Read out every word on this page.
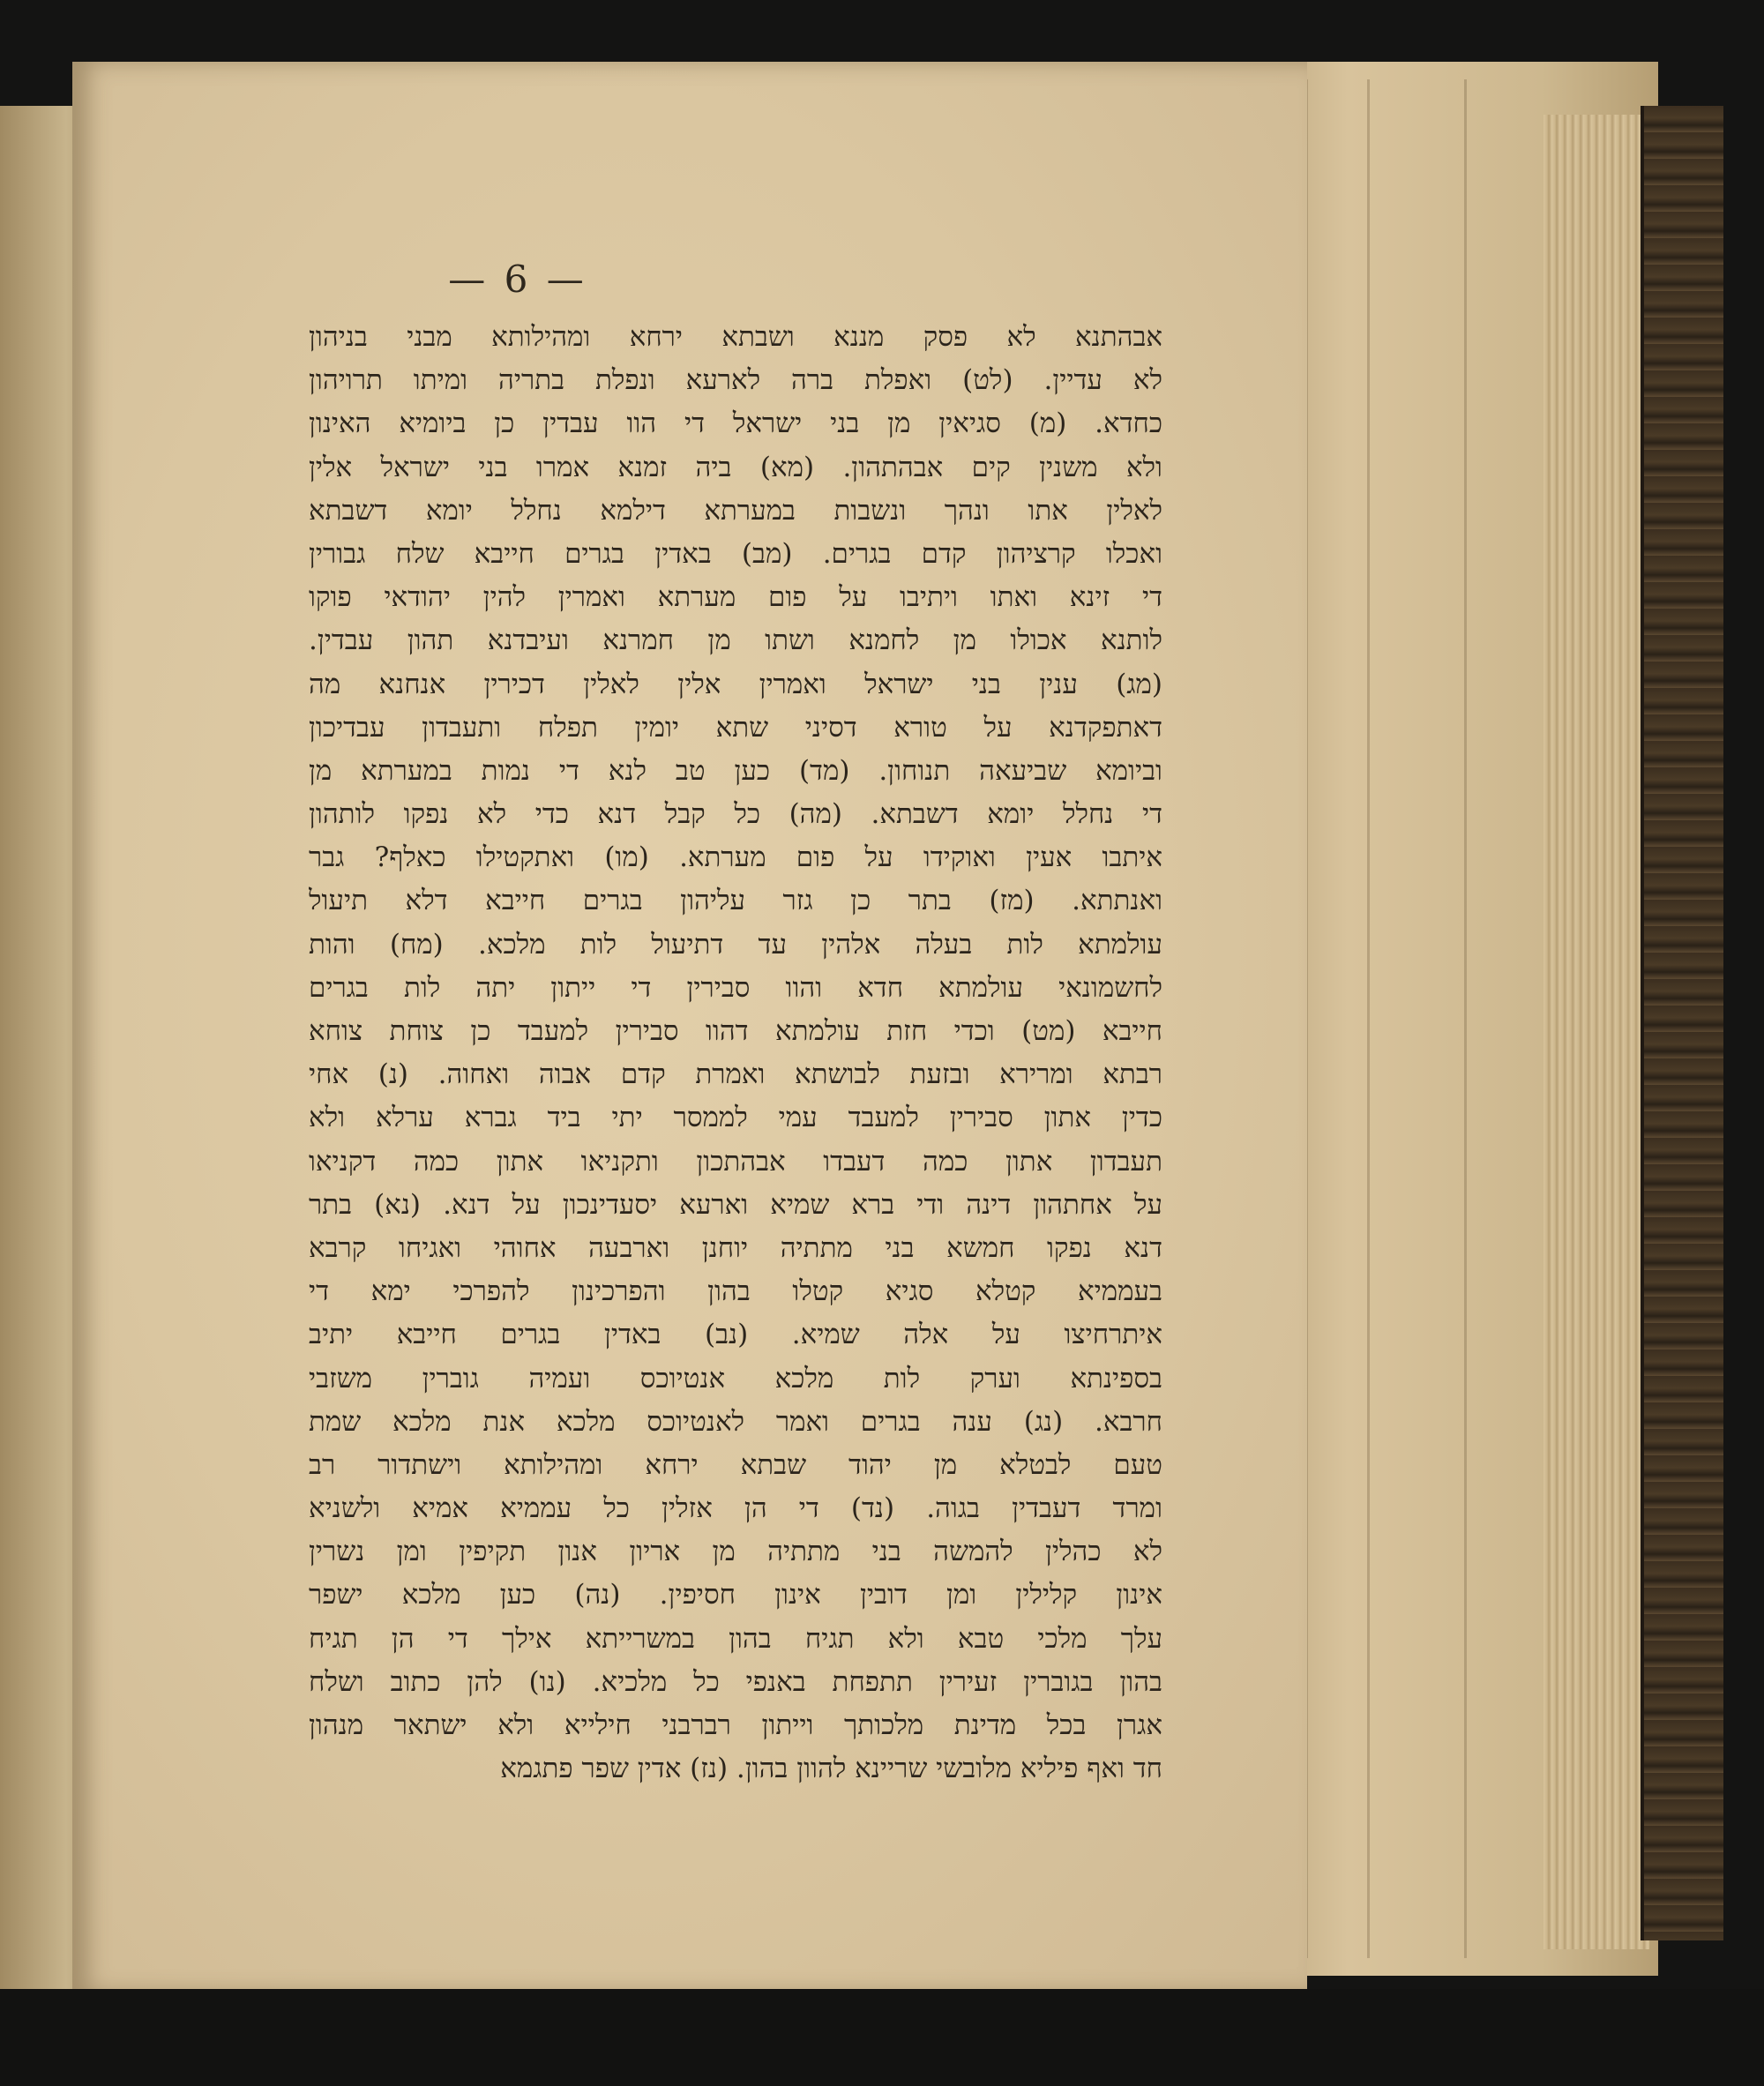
— 6 —
אבהתנא לא פסק מננא ושבתא ירחא ומהילותא מבני בניהון
לא עדיין. (לט) ואפלת ברה לארעא ונפלת בתריה ומיתו תרויהון
כחדא. (מ) סגיאין מן בני ישראל די הוו עבדין כן ביומיא האינון
ולא משנין קים אבהתהון. (מא) ביה זמנא אמרו בני ישראל אלין
לאלין אתו ונהך ונשבות במערתא דילמא נחלל יומא דשבתא
ואכלו קרציהון קדם בגרים. (מב) באדין בגרים חייבא שלח גבורין
די זינא ואתו ויתיבו על פום מערתא ואמרין להין יהודאי פוקו
לותנא אכולו מן לחמנא ושתו מן חמרנא ועיבדנא תהון עבדין.
(מג) ענין בני ישראל ואמרין אלין לאלין דכירין אנחנא מה
דאתפקדנא על טורא דסיני שתא יומין תפלח ותעבדון עבדיכון
וביומא שביעאה תנוחון. (מד) כען טב לנא די נמות במערתא מן
די נחלל יומא דשבתא. (מה) כל קבל דנא כדי לא נפקו לותהון
איתבו אעין ואוקידו על פום מערתא. (מו) ואתקטילו כאלף? גבר
ואנתתא. (מז) בתר כן גזר עליהון בגרים חייבא דלא תיעול
עולמתא לות בעלה אלהין עד דתיעול לות מלכא. (מח) והות
לחשמונאי עולמתא חדא והוו סבירין די ייתון יתה לות בגרים
חייבא (מט) וכדי חזת עולמתא דהוו סבירין למעבד כן צוחת צוחא
רבתא ומרירא ובזעת לבושתא ואמרת קדם אבוה ואחוה. (נ) אחי
כדין אתון סבירין למעבד עמי לממסר יתי ביד גברא ערלא ולא
תעבדון אתון כמה דעבדו אבהתכון ותקניאו אתון כמה דקניאו
על אחתהון דינה ודי ברא שמיא וארעא יסעדינכון על דנא. (נא) בתר
דנא נפקו חמשא בני מתתיה יוחנן וארבעה אחוהי ואגיחו קרבא
בעממיא קטלא סגיא קטלו בהון והפרכינון להפרכי ימא די
איתרחיצו על אלה שמיא. (נב) באדין בגרים חייבא יתיב
בספינתא וערק לות מלכא אנטיוכס ועמיה גוברין משזבי
חרבא. (נג) ענה בגרים ואמר לאנטיוכס מלכא אנת מלכא שמת
טעם לבטלא מן יהוד שבתא ירחא ומהילותא וישתדור רב
ומרד דעבדין בגוה. (נד) די הן אזלין כל עממיא אמיא ולשניא
לא כהלין להמשה בני מתתיה מן אריון אנון תקיפין ומן נשרין
אינון קלילין ומן דובין אינון חסיפין. (נה) כען מלכא ישפר
עלך מלכי טבא ולא תגיח בהון במשרייתא אילך די הן תגיח
בהון בגוברין זעירין תתפחת באנפי כל מלכיא. (נו) להן כתוב ושלח
אגרן בכל מדינת מלכותך וייתון רברבני חילייא ולא ישתאר מנהון
חד ואף פיליא מלובשי שריינא להוון בהון. (נז) אדין שפר פתגמא
